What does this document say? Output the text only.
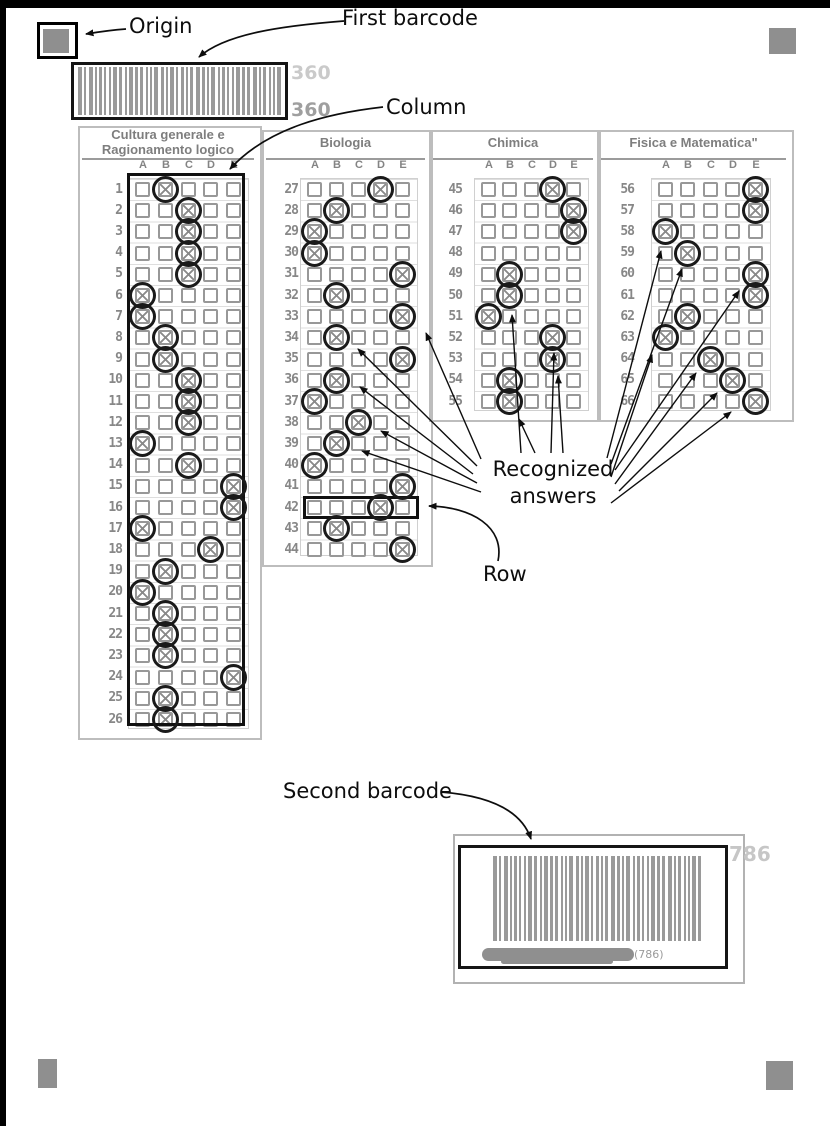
Origin	First barcode
360
360	Column
Row
Recognized
answers
Cultura generale e
Ragionamento logico
A B C D E
1
2
3
4
5
6
7
8
9
10
11
12
13
14
15
16
17
18
19
20
21
22
23
24
25
26
Biologia
A B C D E
27
28
29
30
31
32
33
34
35
36
37
38
39
40
41
42
43
44
Chimica
A B C D E
45
46
47
48
49
50
51
52
53
54
55
Fisica e Matematica"
A B C D E
56
57
58
59
60
61
62
63
64
65
66
Second barcode
(786)
786
